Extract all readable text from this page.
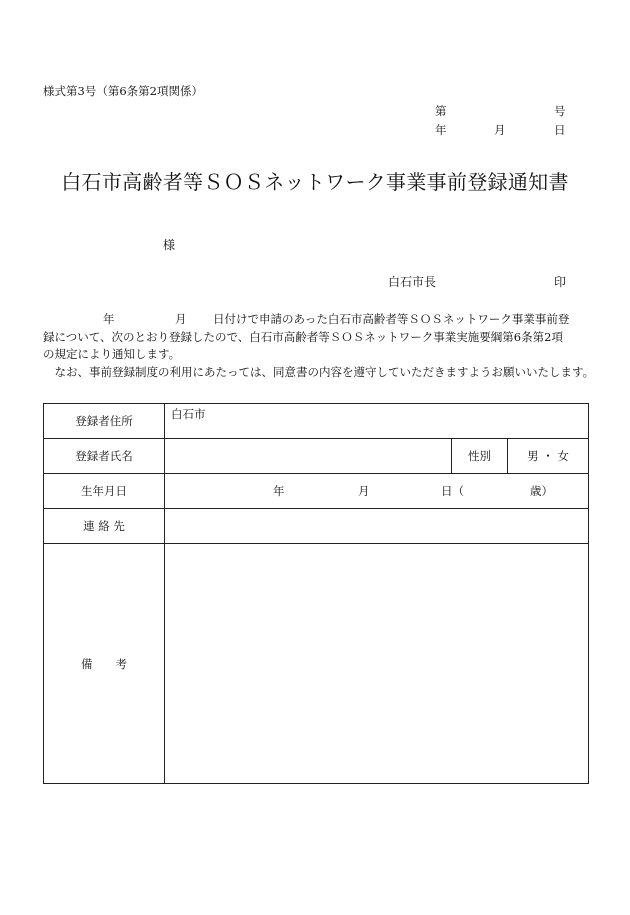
様式第3号（第6条第2項関係）
第	号
年	月	日
白石市高齢者等ＳＯＳネットワーク事業事前登録通知書
様
白石市長	印
年	月 日付けで申請のあった白石市高齢者等ＳＯＳネットワーク事業事前登

録について、次のとおり登録したので、白石市高齢者等ＳＯＳネットワーク事業実施要綱第6条第2項

の規定により通知します。

なお、事前登録制度の利用にあたっては、同意書の内容を遵守していただきますようお願いいたします。

登録者住所	白石市		
登録者氏名		性別	男 ・ 女
生年月日	年 月 日（ 歳）		

連 絡 先			
備　　考			
